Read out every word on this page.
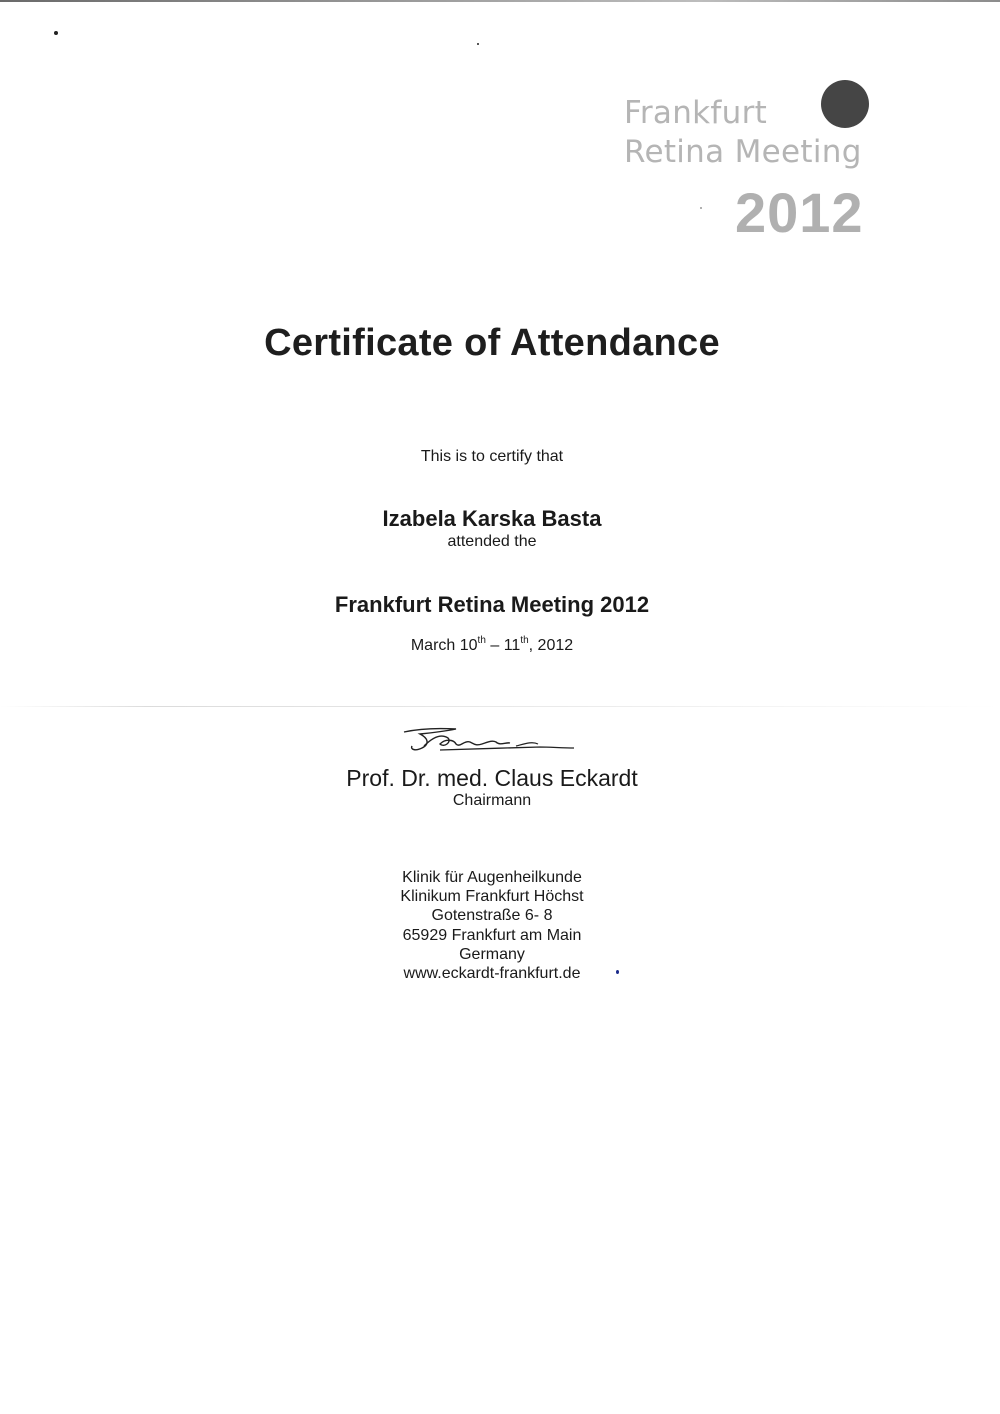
Frankfurt
Retina Meeting
2012
Certificate of Attendance
This is to certify that
Izabela Karska Basta
attended the
Frankfurt Retina Meeting 2012
March 10th – 11th, 2012
Prof. Dr. med. Claus Eckardt
Chairmann
Klinik für Augenheilkunde
Klinikum Frankfurt Höchst
Gotenstraße 6- 8
65929 Frankfurt am Main
Germany
www.eckardt-frankfurt.de
